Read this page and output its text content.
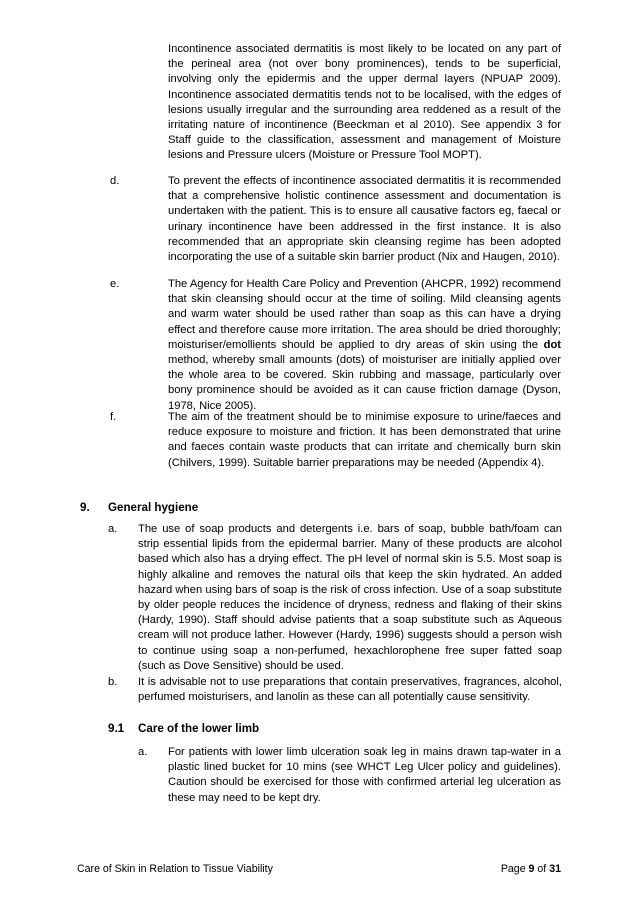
Incontinence associated dermatitis is most likely to be located on any part of the perineal area (not over bony prominences), tends to be superficial, involving only the epidermis and the upper dermal layers (NPUAP 2009). Incontinence associated dermatitis tends not to be localised, with the edges of lesions usually irregular and the surrounding area reddened as a result of the irritating nature of incontinence (Beeckman et al 2010). See appendix 3 for Staff guide to the classification, assessment and management of Moisture lesions and Pressure ulcers (Moisture or Pressure Tool MOPT).

d.	To prevent the effects of incontinence associated dermatitis it is recommended that a comprehensive holistic continence assessment and documentation is undertaken with the patient. This is to ensure all causative factors eg, faecal or urinary incontinence have been addressed in the first instance. It is also recommended that an appropriate skin cleansing regime has been adopted incorporating the use of a suitable skin barrier product (Nix and Haugen, 2010).

e.	The Agency for Health Care Policy and Prevention (AHCPR, 1992) recommend that skin cleansing should occur at the time of soiling. Mild cleansing agents and warm water should be used rather than soap as this can have a drying effect and therefore cause more irritation. The area should be dried thoroughly; moisturiser/emollients should be applied to dry areas of skin using the dot method, whereby small amounts (dots) of moisturiser are initially applied over the whole area to be covered. Skin rubbing and massage, particularly over bony prominence should be avoided as it can cause friction damage (Dyson, 1978, Nice 2005).

f.	The aim of the treatment should be to minimise exposure to urine/faeces and reduce exposure to moisture and friction. It has been demonstrated that urine and faeces contain waste products that can irritate and chemically burn skin (Chilvers, 1999). Suitable barrier preparations may be needed (Appendix 4).

9. General hygiene
a. The use of soap products and detergents i.e. bars of soap, bubble bath/foam can strip essential lipids from the epidermal barrier. Many of these products are alcohol based which also has a drying effect. The pH level of normal skin is 5.5. Most soap is highly alkaline and removes the natural oils that keep the skin hydrated. An added hazard when using bars of soap is the risk of cross infection. Use of a soap substitute by older people reduces the incidence of dryness, redness and flaking of their skins (Hardy, 1990). Staff should advise patients that a soap substitute such as Aqueous cream will not produce lather. However (Hardy, 1996) suggests should a person wish to continue using soap a non-perfumed, hexachlorophene free super fatted soap (such as Dove Sensitive) should be used.

b. It is advisable not to use preparations that contain preservatives, fragrances, alcohol, perfumed moisturisers, and lanolin as these can all potentially cause sensitivity.

9.1 Care of the lower limb
a. For patients with lower limb ulceration soak leg in mains drawn tap-water in a plastic lined bucket for 10 mins (see WHCT Leg Ulcer policy and guidelines). Caution should be exercised for those with confirmed arterial leg ulceration as these may need to be kept dry.

Care of Skin in Relation to Tissue Viability	Page 9 of 31
